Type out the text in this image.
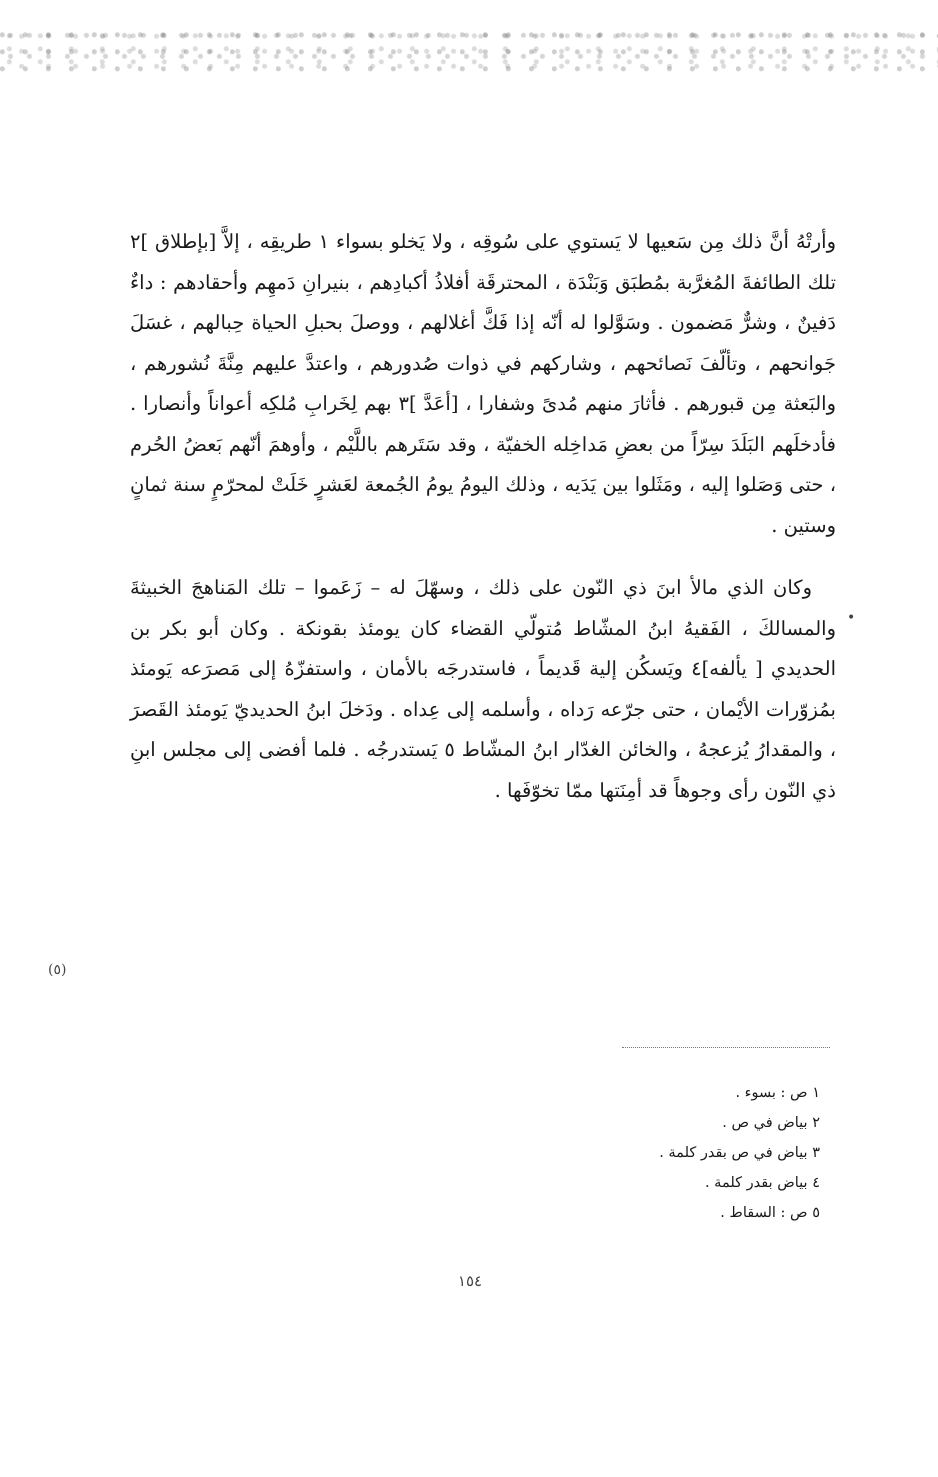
وأرتْهُ أنَّ ذلك مِن سَعيها لا يَستوي على سُوقِه ، ولا يَخلو بسواء ١ طريقِه ، إلاَّ [بإطلاق ]٢ تلك الطائفةَ المُغرَّبة بمُطبَق وَبَنْدَة ، المحترقَة أفلاذُ أكبادِهم ، بنيرانِ دَمهِم وأحقادهم : داءٌ دَفينٌ ، وشرٌّ مَضمون . وسَوَّلوا له أنّه إذا فَكَّ أغلالهم ، ووصلَ بحبلِ الحياة حِبالهم ، غسَلَ جَوانحهم ، وتألّفَ نَصائحهم ، وشاركهم في ذوات صُدورهم ، واعتدَّ عليهم مِنَّةَ نُشورهم ، والبَعثة مِن قبورهم . فأثارَ منهم مُدىً وشفارا ، [أعَدَّ ]٣ بهم لِخَرابِ مُلكِه أعواناً وأنصارا . فأدخلَهم البَلَدَ سِرّاً من بعضِ مَداخِله الخفيّة ، وقد سَتَرهم باللَّيْم ، وأوهمَ أنّهم بَعضُ الحُرم ، حتى وَصَلوا إليه ، ومَثَلوا بين يَدَيه ، وذلك اليومُ يومُ الجُمعة لعَشرٍ خَلَتْ لمحرّمٍ سنة ثمانٍ وستين .

وكان الذي مالأ ابنَ ذي النّون على ذلك ، وسهّلَ له – زَعَموا – تلك المَناهجَ الخبيثةَ والمسالكَ ، الفَقيهُ ابنُ المشّاط مُتولّي القضاء كان يومئذ بقونكة . وكان أبو بكر بن الحديدي [ يألفه]٤ ويَسكُن إلية قَديماً ، فاستدرجَه بالأمان ، واستفزّهُ إلى مَصرَعه يَومئذ بمُزوّرات الأيْمان ، حتى جرّعه رَداه ، وأسلمه إلى عِداه . ودَخلَ ابنُ الحديديّ يَومئذ القَصرَ ، والمقدارُ يُزعجهُ ، والخائن الغدّار ابنُ المشّاط ٥ يَستدرجُه . فلما أفضى إلى مجلس ابنِ ذي النّون رأى وجوهاً قد أمِنَتها ممّا تخوّفَها .

(٥)
•
١ ص : بسوء .
٢ بياض في ص .
٣ بياض في ص بقدر كلمة .
٤ بياض بقدر كلمة .
٥ ص : السقاط .
١٥٤
